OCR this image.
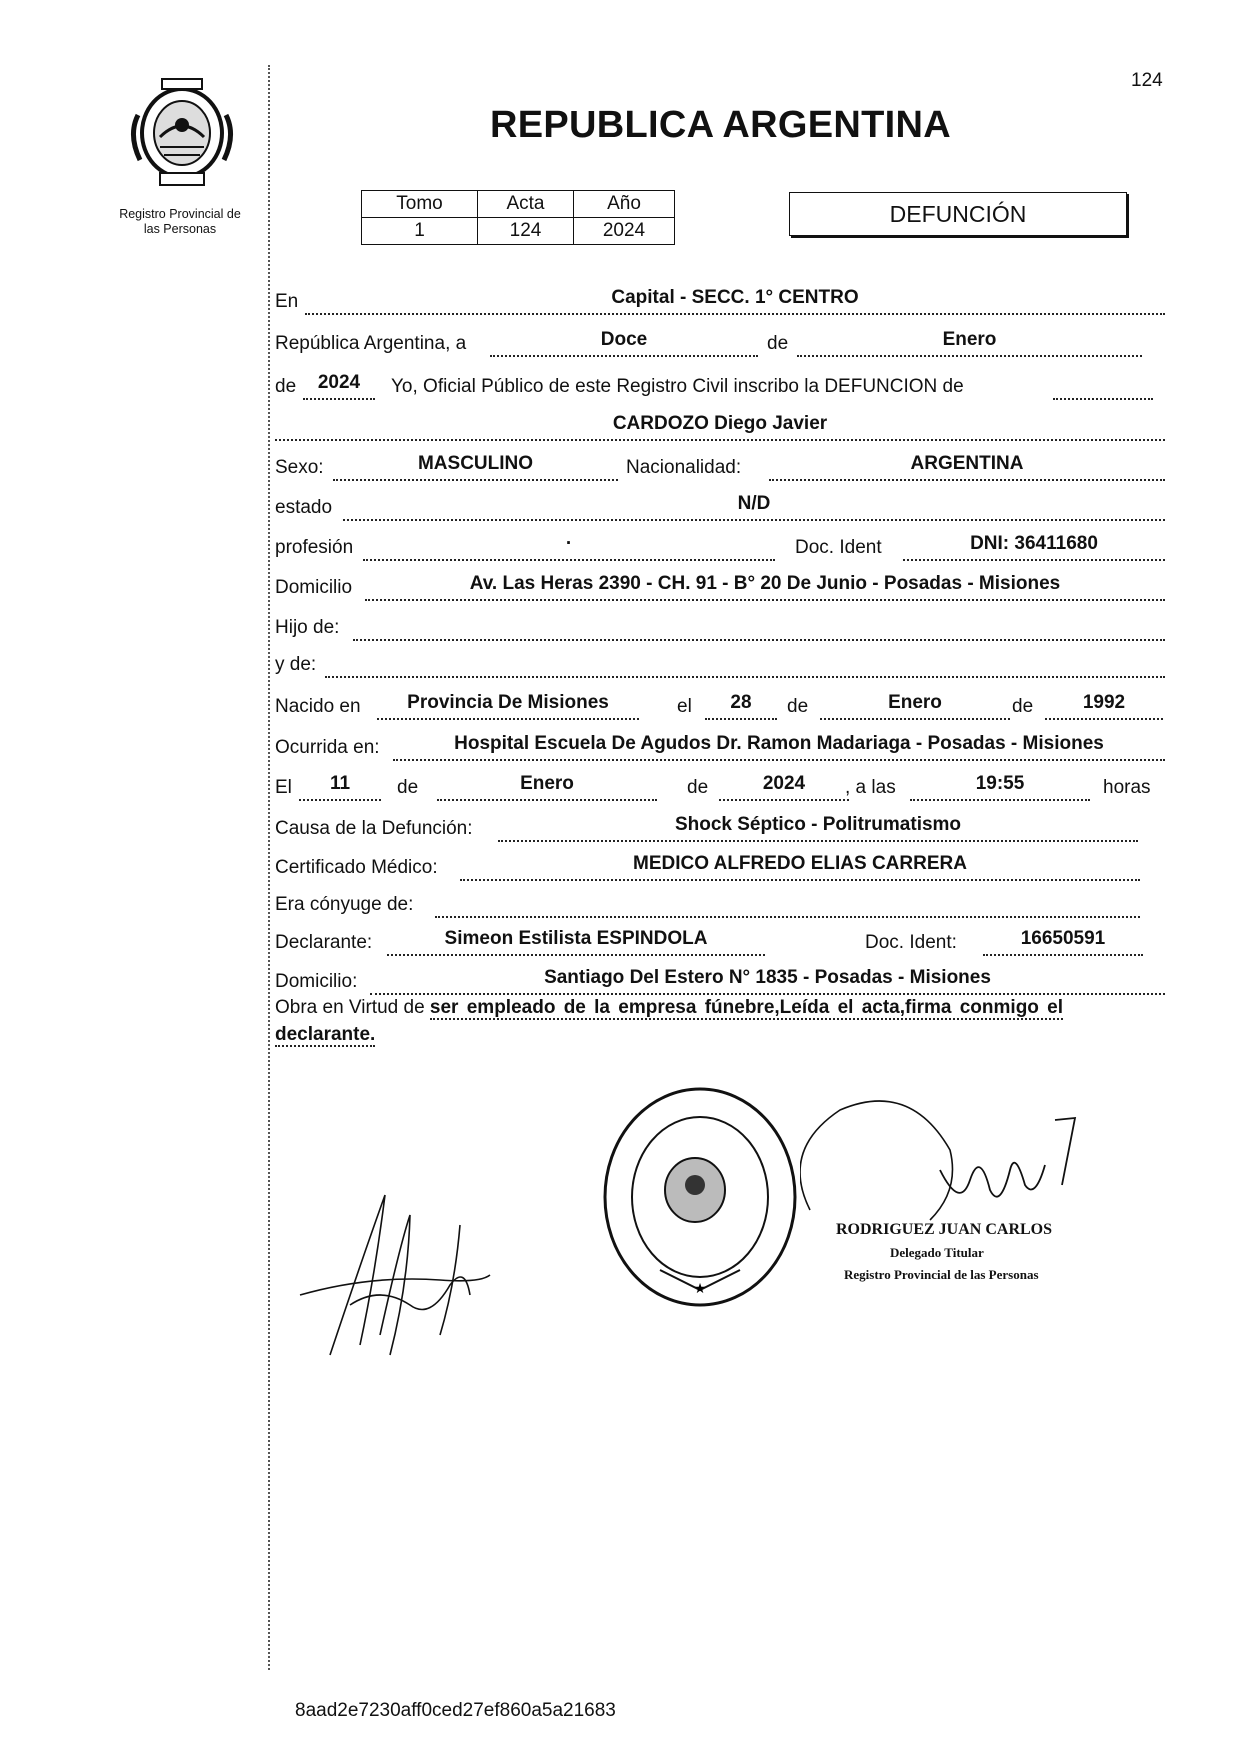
124
Registro Provincial de
las Personas
REPUBLICA ARGENTINA
Tomo	Acta	Año
1	124	2024
DEFUNCIÓN
En	Capital - SECC. 1° CENTRO
República Argentina, a	Doce	de	Enero
de	2024	Yo, Oficial Público de este Registro Civil inscribo la DEFUNCION de
CARDOZO Diego Javier
Sexo:	MASCULINO	Nacionalidad:	ARGENTINA
estado	N/D
profesión	·	Doc. Ident	DNI: 36411680
Domicilio	Av. Las Heras 2390 - CH. 91 - B° 20 De Junio - Posadas - Misiones
Hijo de:
y de:
Nacido en	Provincia De Misiones	el	28	de	Enero	de	1992
Ocurrida en:	Hospital Escuela De Agudos Dr. Ramon Madariaga - Posadas - Misiones
El	11	de	Enero	de	2024	, a las	19:55	horas
Causa de la Defunción:	Shock Séptico - Politrumatismo
Certificado Médico:	MEDICO ALFREDO ELIAS CARRERA
Era cónyuge de:
Declarante:	Simeon Estilista ESPINDOLA	Doc. Ident:	16650591
Domicilio:	Santiago Del Estero N° 1835 - Posadas - Misiones
Obra en Virtud de ser empleado de la empresa fúnebre,Leída el acta,firma conmigo el
declarante.
★
RODRIGUEZ JUAN CARLOS
Delegado Titular
Registro Provincial de las Personas
8aad2e7230aff0ced27ef860a5a21683
